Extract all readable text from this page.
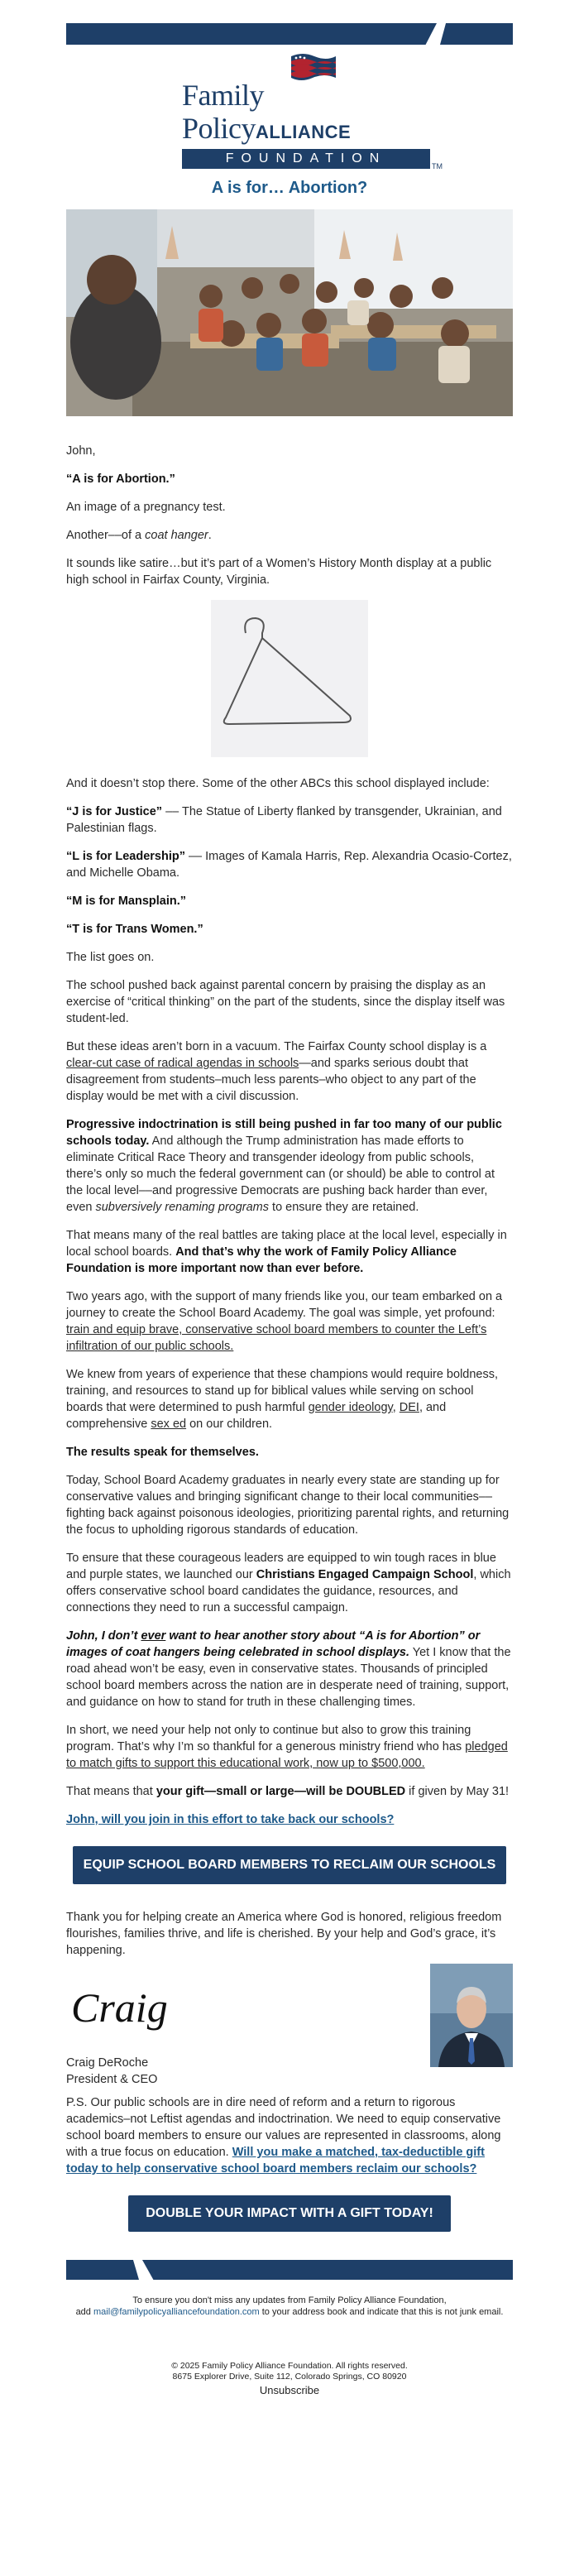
Family
PolicyALLIANCE
FOUNDATION
TM
A is for… Abortion?

John,

“A is for Abortion.”

An image of a pregnancy test.

Another––of a coat hanger.

It sounds like satire…but it’s part of a Women’s History Month display at a public high school in Fairfax County, Virginia.

And it doesn’t stop there. Some of the other ABCs this school displayed include:

“J is for Justice” –– The Statue of Liberty flanked by transgender, Ukrainian, and Palestinian flags.

“L is for Leadership” –– Images of Kamala Harris, Rep. Alexandria Ocasio-Cortez, and Michelle Obama.

“M is for Mansplain.”

“T is for Trans Women.”

The list goes on.

The school pushed back against parental concern by praising the display as an exercise of “critical thinking” on the part of the students, since the display itself was student-led.

But these ideas aren’t born in a vacuum. The Fairfax County school display is a clear-cut case of radical agendas in schools—and sparks serious doubt that disagreement from students–much less parents–who object to any part of the display would be met with a civil discussion.

Progressive indoctrination is still being pushed in far too many of our public schools today. And although the Trump administration has made efforts to eliminate Critical Race Theory and transgender ideology from public schools, there’s only so much the federal government can (or should) be able to control at the local level––and progressive Democrats are pushing back harder than ever, even subversively renaming programs to ensure they are retained.

That means many of the real battles are taking place at the local level, especially in local school boards. And that’s why the work of Family Policy Alliance Foundation is more important now than ever before.

Two years ago, with the support of many friends like you, our team embarked on a journey to create the School Board Academy. The goal was simple, yet profound: train and equip brave, conservative school board members to counter the Left’s infiltration of our public schools.

We knew from years of experience that these champions would require boldness, training, and resources to stand up for biblical values while serving on school boards that were determined to push harmful gender ideology, DEI, and comprehensive sex ed on our children.

The results speak for themselves.

Today, School Board Academy graduates in nearly every state are standing up for conservative values and bringing significant change to their local communities––fighting back against poisonous ideologies, prioritizing parental rights, and returning the focus to upholding rigorous standards of education.

To ensure that these courageous leaders are equipped to win tough races in blue and purple states, we launched our Christians Engaged Campaign School, which offers conservative school board candidates the guidance, resources, and connections they need to run a successful campaign.

John, I don’t ever want to hear another story about “A is for Abortion” or images of coat hangers being celebrated in school displays. Yet I know that the road ahead won’t be easy, even in conservative states. Thousands of principled school board members across the nation are in desperate need of training, support, and guidance on how to stand for truth in these challenging times.

In short, we need your help not only to continue but also to grow this training program. That’s why I’m so thankful for a generous ministry friend who has pledged to match gifts to support this educational work, now up to $500,000.

That means that your gift—small or large—will be DOUBLED if given by May 31!

John, will you join in this effort to take back our schools?

EQUIP SCHOOL BOARD MEMBERS TO RECLAIM OUR SCHOOLS

Thank you for helping create an America where God is honored, religious freedom flourishes, families thrive, and life is cherished. By your help and God’s grace, it’s happening.

Craig
Craig DeRoche
President & CEO

P.S. Our public schools are in dire need of reform and a return to rigorous academics–not Leftist agendas and indoctrination. We need to equip conservative school board members to ensure our values are represented in classrooms, along with a true focus on education. Will you make a matched, tax-deductible gift today to help conservative school board members reclaim our schools?

DOUBLE YOUR IMPACT WITH A GIFT TODAY!
To ensure you don't miss any updates from Family Policy Alliance Foundation,
add mail@familypolicyalliancefoundation.com to your address book and indicate that this is not junk email.
© 2025 Family Policy Alliance Foundation. All rights reserved.
8675 Explorer Drive, Suite 112, Colorado Springs, CO 80920
Unsubscribe
